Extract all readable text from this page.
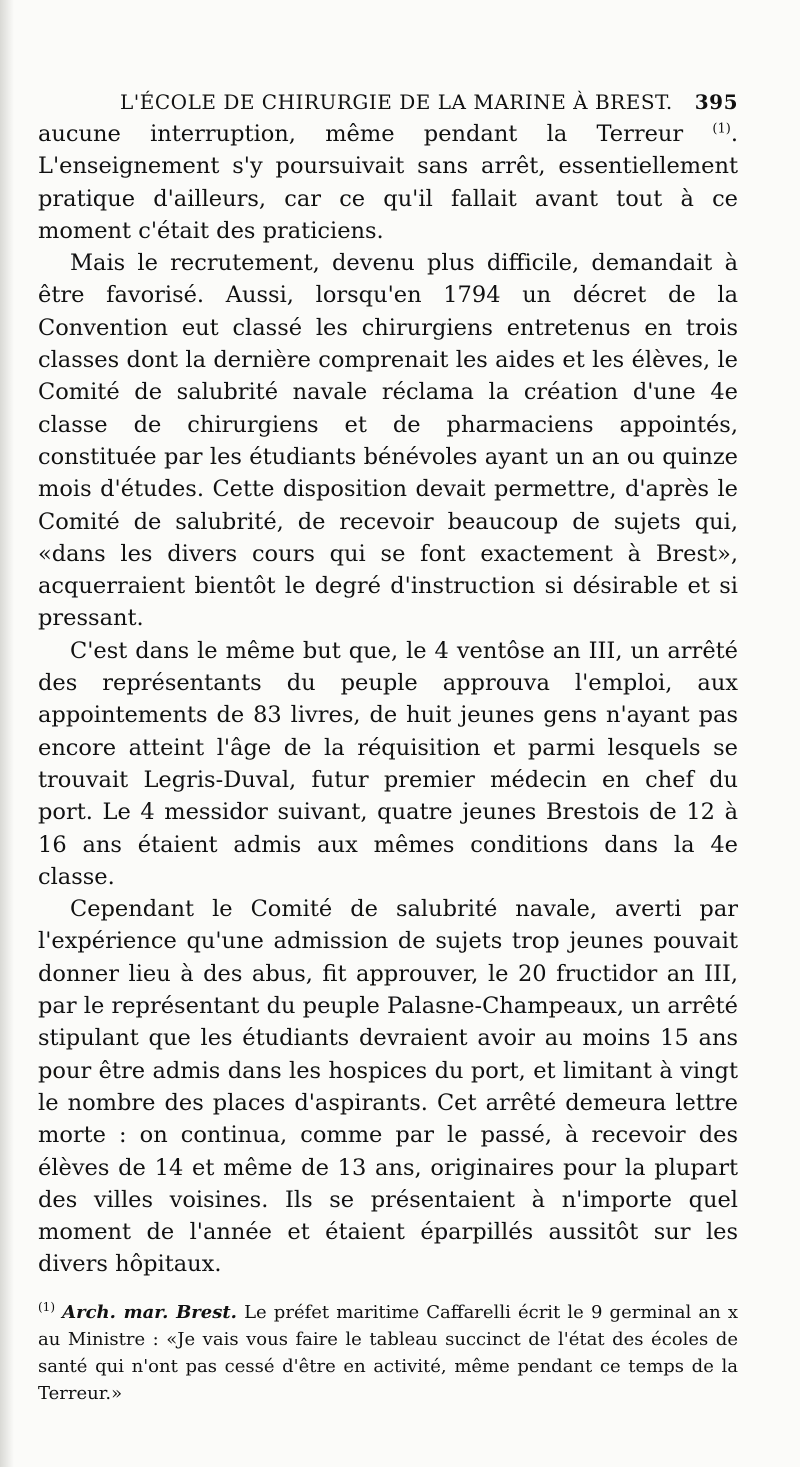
L'ÉCOLE DE CHIRURGIE DE LA MARINE À BREST. 395

aucune interruption, même pendant la Terreur $^{(1)}$. L'enseignement s'y poursuivait sans arrêt, essentiellement pratique d'ailleurs, car ce qu'il fallait avant tout à ce moment c'était des praticiens.

Mais le recrutement, devenu plus difficile, demandait à être favorisé. Aussi, lorsqu'en 1794 un décret de la Convention eut classé les chirurgiens entretenus en trois classes dont la dernière comprenait les aides et les élèves, le Comité de salubrité navale réclama la création d'une 4e classe de chirurgiens et de pharmaciens appointés, constituée par les étudiants bénévoles ayant un an ou quinze mois d'études. Cette disposition devait permettre, d'après le Comité de salubrité, de recevoir beaucoup de sujets qui, «dans les divers cours qui se font exactement à Brest», acquerraient bientôt le degré d'instruction si désirable et si pressant.

C'est dans le même but que, le 4 ventôse an III, un arrêté des représentants du peuple approuva l'emploi, aux appointements de 83 livres, de huit jeunes gens n'ayant pas encore atteint l'âge de la réquisition et parmi lesquels se trouvait Legris-Duval, futur premier médecin en chef du port. Le 4 messidor suivant, quatre jeunes Brestois de 12 à 16 ans étaient admis aux mêmes conditions dans la 4e classe.

Cependant le Comité de salubrité navale, averti par l'expérience qu'une admission de sujets trop jeunes pouvait donner lieu à des abus, fit approuver, le 20 fructidor an III, par le représentant du peuple Palasne-Champeaux, un arrêté stipulant que les étudiants devraient avoir au moins 15 ans pour être admis dans les hospices du port, et limitant à vingt le nombre des places d'aspirants. Cet arrêté demeura lettre morte : on continua, comme par le passé, à recevoir des élèves de 14 et même de 13 ans, originaires pour la plupart des villes voisines. Ils se présentaient à n'importe quel moment de l'année et étaient éparpillés aussitôt sur les divers hôpitaux.

$^{(1)}$ Arch. mar. Brest. Le préfet maritime Caffarelli écrit le 9 germinal an x au Ministre : «Je vais vous faire le tableau succinct de l'état des écoles de santé qui n'ont pas cessé d'être en activité, même pendant ce temps de la Terreur.»
